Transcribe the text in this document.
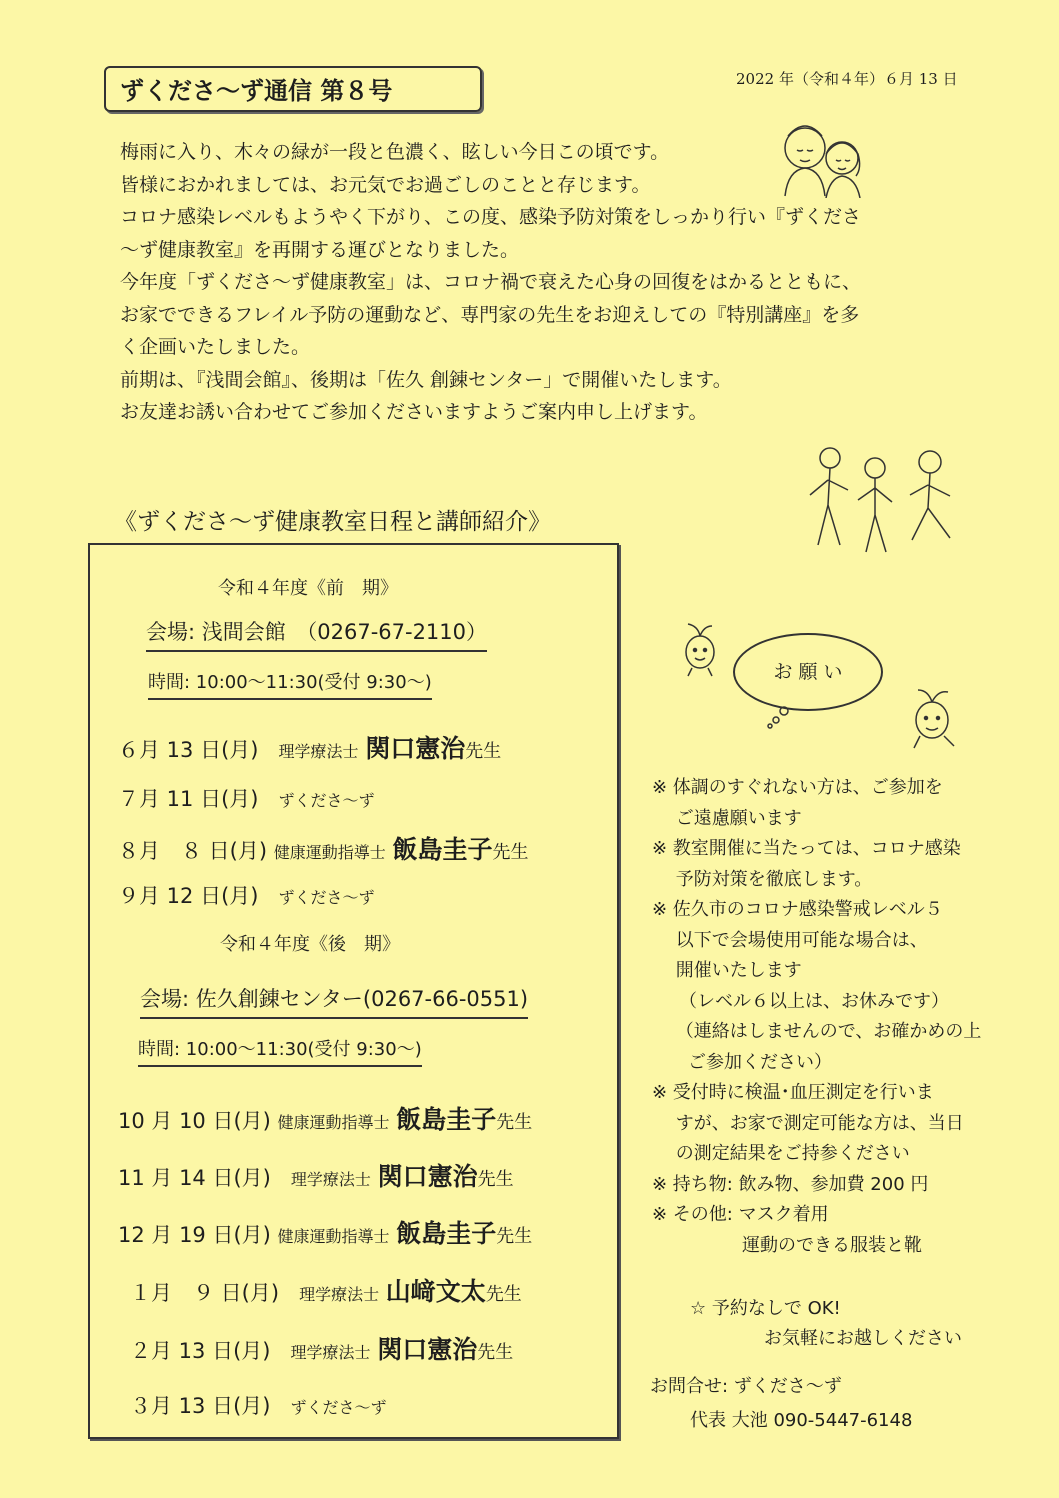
ずくださ〜ず通信 第８号	2022 年（令和４年）６月 13 日

梅雨に入り、木々の緑が一段と色濃く、眩しい今日この頃です。

皆様におかれましては、お元気でお過ごしのことと存じます。

コロナ感染レベルもようやく下がり、この度、感染予防対策をしっかり行い『ずくださ

〜ず健康教室』を再開する運びとなりました。

今年度「ずくださ〜ず健康教室」は、コロナ禍で衰えた心身の回復をはかるとともに、

お家でできるフレイル予防の運動など、専門家の先生をお迎えしての『特別講座』を多

く企画いたしました。

前期は、『浅間会館』、後期は「佐久 創錬センター」で開催いたします。

お友達お誘い合わせてご参加くださいますようご案内申し上げます。

《ずくださ〜ず健康教室日程と講師紹介》
令和４年度《前　期》
会場: 浅間会館　（0267-67-2110）
時間: 10:00〜11:30(受付 9:30〜)
６月 13 日(月) 理学療法士 関口憲治先生
７月 11 日(月) ずくださ〜ず
８月　８ 日(月) 健康運動指導士 飯島圭子先生
９月 12 日(月) ずくださ〜ず
令和４年度《後　期》
会場: 佐久創錬センター(0267-66-0551)
時間: 10:00〜11:30(受付 9:30〜)
10 月 10 日(月) 健康運動指導士 飯島圭子先生
11 月 14 日(月) 理学療法士 関口憲治先生
12 月 19 日(月) 健康運動指導士 飯島圭子先生
１月　９ 日(月) 理学療法士 山﨑文太先生
２月 13 日(月) 理学療法士 関口憲治先生
３月 13 日(月) ずくださ〜ず
お 願 い
※ 体調のすぐれない方は、ご参加を
　 ご遠慮願います
※ 教室開催に当たっては、コロナ感染
　 予防対策を徹底します。
※ 佐久市のコロナ感染警戒レベル５
　 以下で会場使用可能な場合は、
　 開催いたします
　　（レベル６以上は、お休みです）
　 （連絡はしませんので、お確かめの上
　　ご参加ください）
※ 受付時に検温･血圧測定を行いま
　 すが、お家で測定可能な方は、当日
　 の測定結果をご持参ください
※ 持ち物: 飲み物、参加費 200 円
※ その他: マスク着用
　　　　　運動のできる服装と靴
☆ 予約なしで OK!
お気軽にお越しください
お問合せ: ずくださ〜ず
代表 大池 090-5447-6148
